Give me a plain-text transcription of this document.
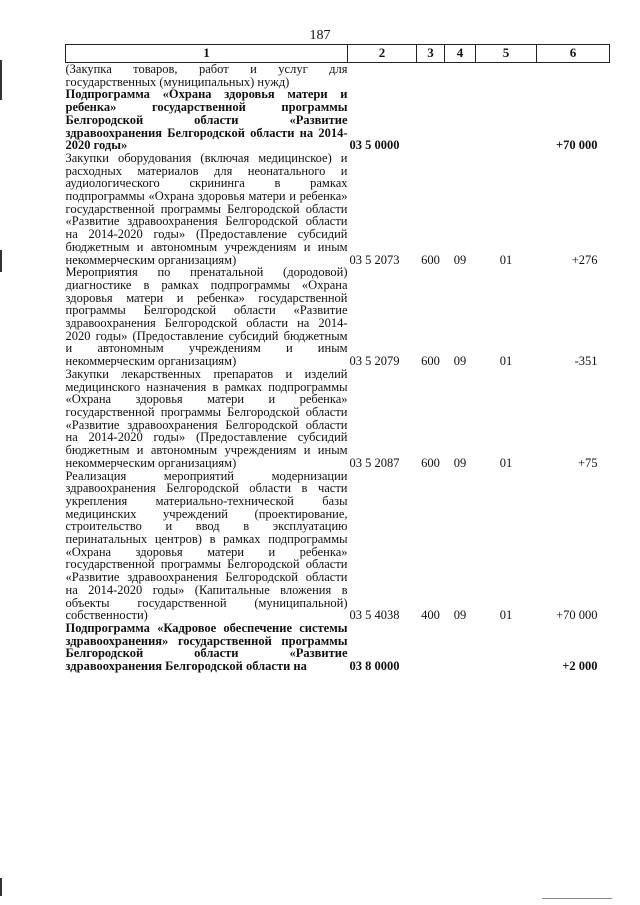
187
1	2	3	4	5	6
(Закупка товаров, работ и услуг для государственных (муниципальных) нужд)					
Подпрограмма «Охрана здоровья матери и ребенка» государственной программы Белгородской области «Развитие здравоохранения Белгородской области на 2014-2020 годы»	03 5 0000				+70 000
Закупки оборудования (включая медицинское) и расходных материалов для неонатального и аудиологического скрининга в рамках подпрограммы «Охрана здоровья матери и ребенка» государственной программы Белгородской области «Развитие здравоохранения Белгородской области на 2014-2020 годы» (Предоставление субсидий бюджетным и автономным учреждениям и иным некоммерческим организациям)	03 5 2073	600	09	01	+276
Мероприятия по пренатальной (дородовой) диагностике в рамках подпрограммы «Охрана здоровья матери и ребенка» государственной программы Белгородской области «Развитие здравоохранения Белгородской области на 2014-2020 годы» (Предоставление субсидий бюджетным и автономным учреждениям и иным некоммерческим организациям)	03 5 2079	600	09	01	-351
Закупки лекарственных препаратов и изделий медицинского назначения в рамках подпрограммы «Охрана здоровья матери и ребенка» государственной программы Белгородской области «Развитие здравоохранения Белгородской области на 2014-2020 годы» (Предоставление субсидий бюджетным и автономным учреждениям и иным некоммерческим организациям)	03 5 2087	600	09	01	+75
Реализация мероприятий модернизации здравоохранения Белгородской области в части укрепления материально-технической базы медицинских учреждений (проектирование, строительство и ввод в эксплуатацию перинатальных центров) в рамках подпрограммы «Охрана здоровья матери и ребенка» государственной программы Белгородской области «Развитие здравоохранения Белгородской области на 2014-2020 годы» (Капитальные вложения в объекты государственной (муниципальной) собственности)	03 5 4038	400	09	01	+70 000
Подпрограмма «Кадровое обеспечение системы здравоохранения» государственной программы Белгородской области «Развитие здравоохранения Белгородской области на	03 8 0000				+2 000
